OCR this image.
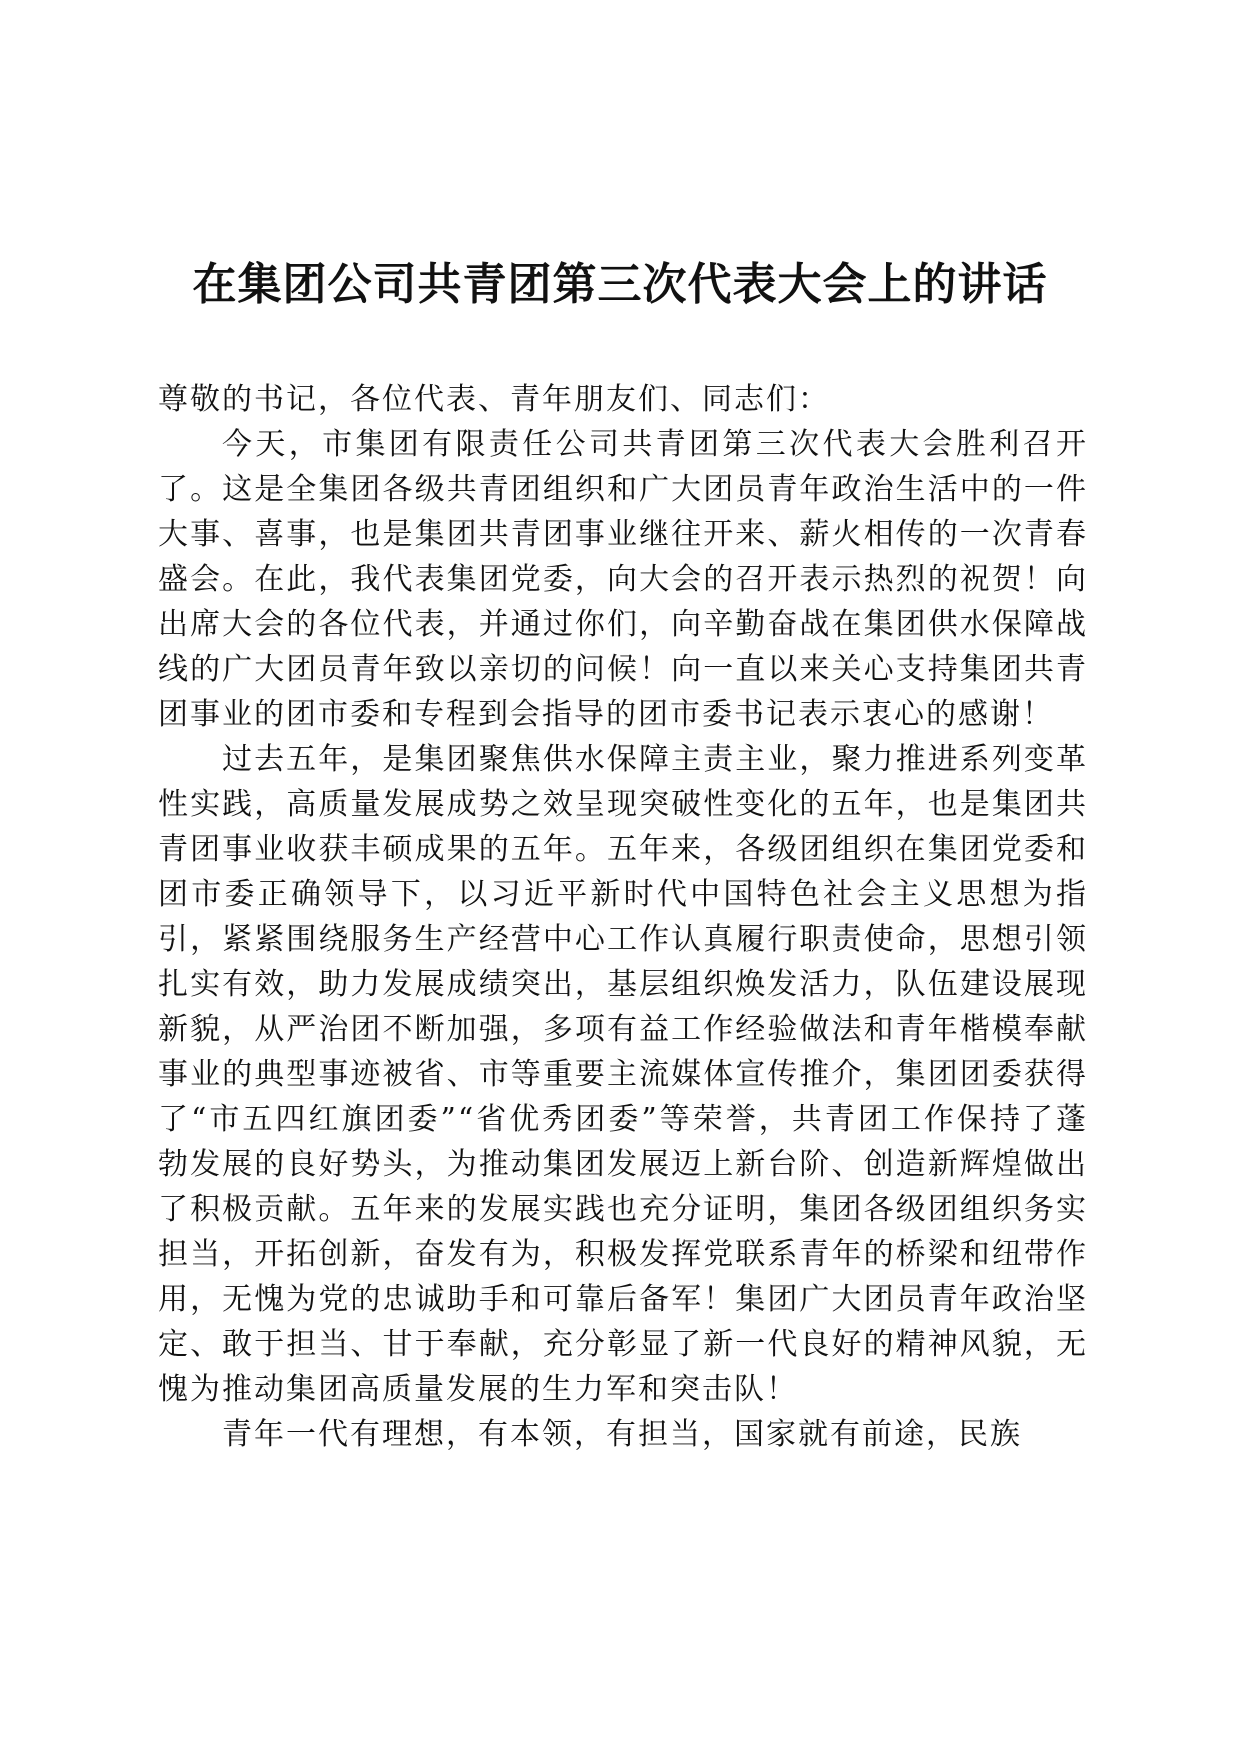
在集团公司共青团第三次代表大会上的讲话

尊敬的书记，各位代表、青年朋友们、同志们：

今天，市集团有限责任公司共青团第三次代表大会胜利召开了。这是全集团各级共青团组织和广大团员青年政治生活中的一件大事、喜事，也是集团共青团事业继往开来、薪火相传的一次青春盛会。在此，我代表集团党委，向大会的召开表示热烈的祝贺！向出席大会的各位代表，并通过你们，向辛勤奋战在集团供水保障战线的广大团员青年致以亲切的问候！向一直以来关心支持集团共青团事业的团市委和专程到会指导的团市委书记表示衷心的感谢！

过去五年，是集团聚焦供水保障主责主业，聚力推进系列变革性实践，高质量发展成势之效呈现突破性变化的五年，也是集团共青团事业收获丰硕成果的五年。五年来，各级团组织在集团党委和团市委正确领导下，以习近平新时代中国特色社会主义思想为指引，紧紧围绕服务生产经营中心工作认真履行职责使命，思想引领扎实有效，助力发展成绩突出，基层组织焕发活力，队伍建设展现新貌，从严治团不断加强，多项有益工作经验做法和青年楷模奉献事业的典型事迹被省、市等重要主流媒体宣传推介，集团团委获得了“市五四红旗团委”“省优秀团委”等荣誉，共青团工作保持了蓬勃发展的良好势头，为推动集团发展迈上新台阶、创造新辉煌做出了积极贡献。五年来的发展实践也充分证明，集团各级团组织务实担当，开拓创新，奋发有为，积极发挥党联系青年的桥梁和纽带作用，无愧为党的忠诚助手和可靠后备军！集团广大团员青年政治坚定、敢于担当、甘于奉献，充分彰显了新一代良好的精神风貌，无愧为推动集团高质量发展的生力军和突击队！

青年一代有理想，有本领，有担当，国家就有前途，民族
